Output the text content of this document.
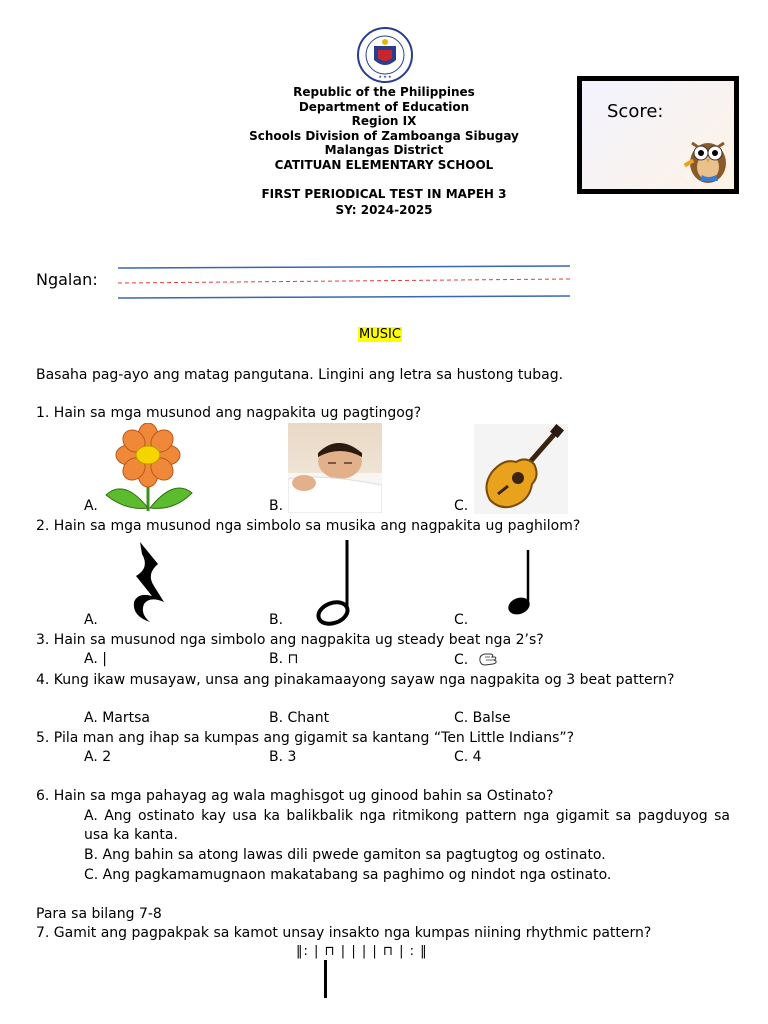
★ ★ ★
Republic of the Philippines
Department of Education
Region IX
Schools Division of Zamboanga Sibugay
Malangas District
CATITUAN ELEMENTARY SCHOOL
FIRST PERIODICAL TEST IN MAPEH 3
SY: 2024-2025
Score:
Ngalan:
MUSIC
Basaha pag-ayo ang matag pangutana. Lingini ang letra sa hustong tubag.
1. Hain sa mga musunod ang nagpakita ug pagtingog?
A.	B.	C.
2. Hain sa mga musunod nga simbolo sa musika ang nagpakita ug paghilom?
A.	B.	C.
3. Hain sa musunod nga simbolo ang nagpakita ug steady beat nga 2’s?
A. |	B. ⊓	C.
4. Kung ikaw musayaw, unsa ang pinakamaayong sayaw nga nagpakita og 3 beat pattern?
A. Martsa	B. Chant	C. Balse
5. Pila man ang ihap sa kumpas ang gigamit sa kantang “Ten Little Indians”?
A. 2	B. 3	C. 4
6. Hain sa mga pahayag ag wala maghisgot ug ginood bahin sa Ostinato?
A. Ang ostinato kay usa ka balikbalik nga ritmikong pattern nga gigamit sa pagduyog sa usa ka kanta.
B. Ang bahin sa atong lawas dili pwede gamiton sa pagtugtog og ostinato.
C. Ang pagkamamugnaon makatabang sa paghimo og nindot nga ostinato.
Para sa bilang 7-8
7. Gamit ang pagpakpak sa kamot unsay insakto nga kumpas niining rhythmic pattern?
‖: | ⊓ | | | | ⊓ | : ‖
